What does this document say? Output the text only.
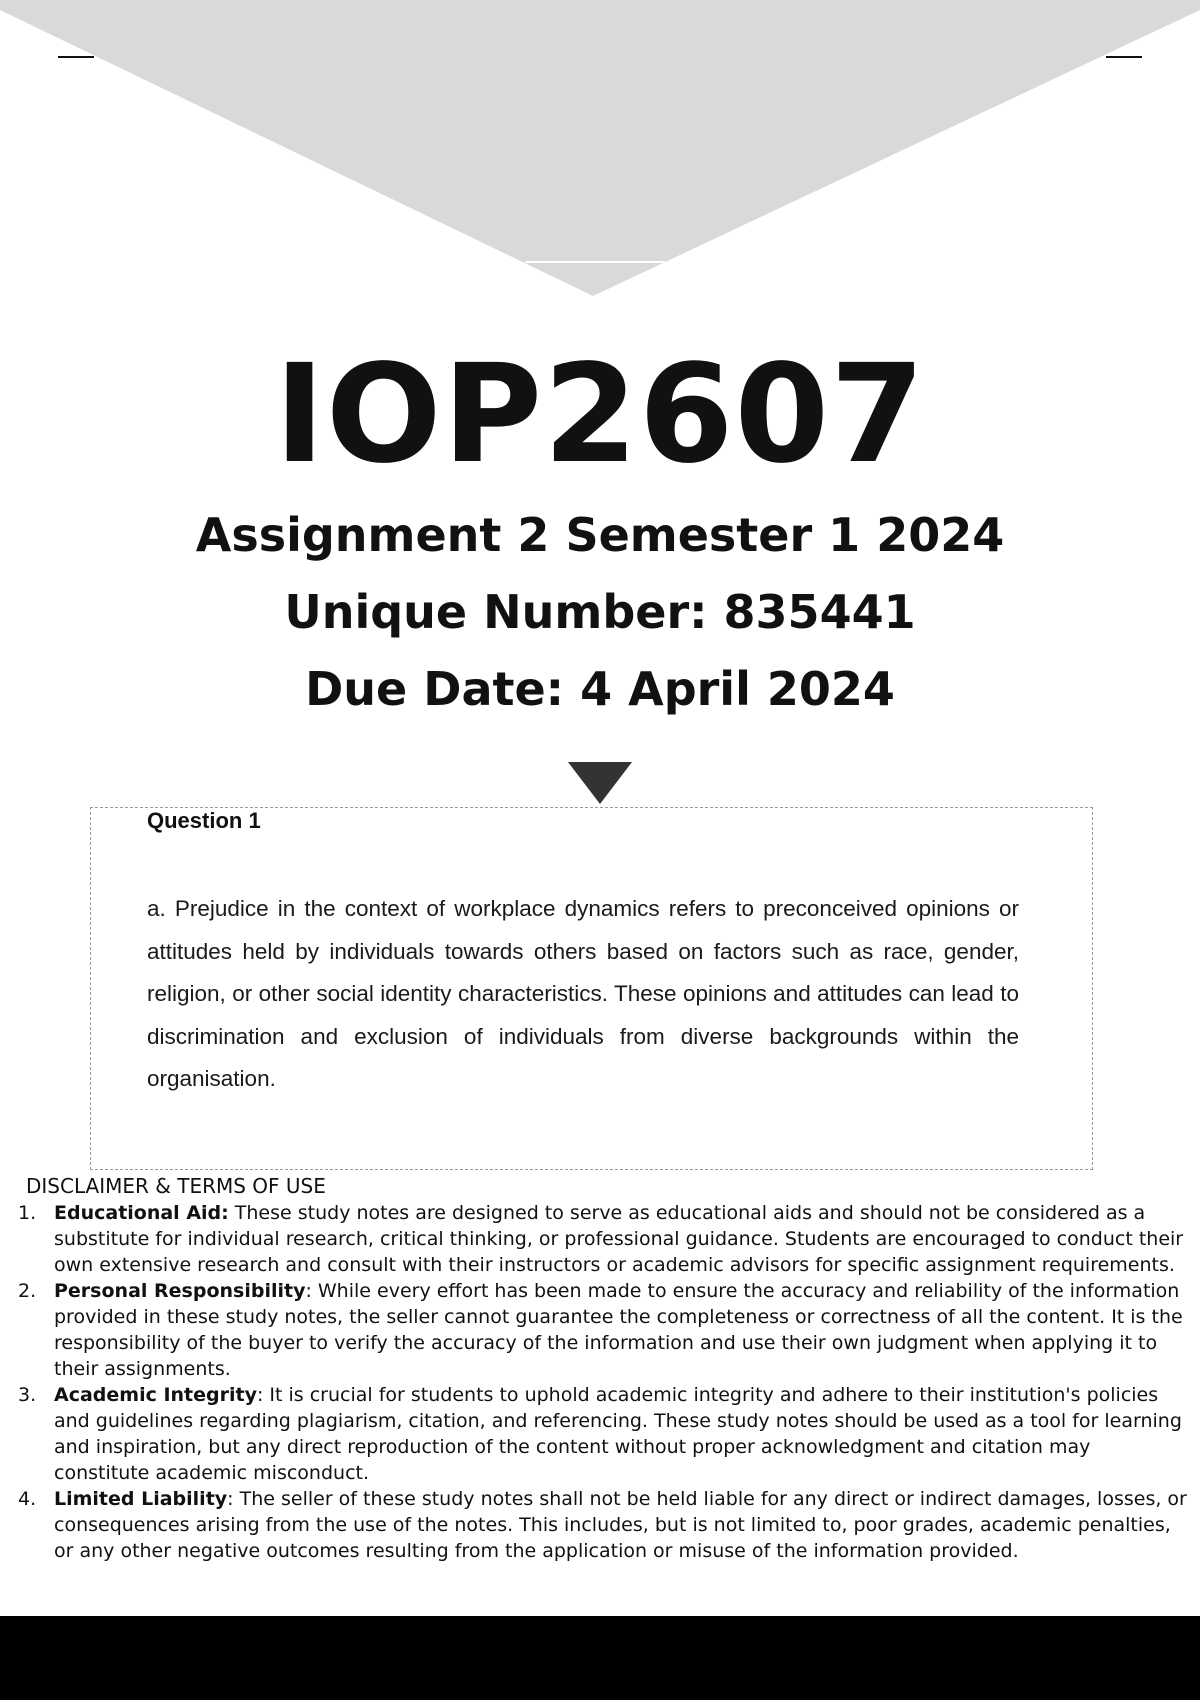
IOP2607
Assignment 2 Semester 1 2024
Unique Number: 835441
Due Date: 4 April 2024
Question 1
a. Prejudice in the context of workplace dynamics refers to preconceived opinions or attitudes held by individuals towards others based on factors such as race, gender, religion, or other social identity characteristics. These opinions and attitudes can lead to discrimination and exclusion of individuals from diverse backgrounds within the organisation.
DISCLAIMER & TERMS OF USE
1. Educational Aid: These study notes are designed to serve as educational aids and should not be considered as a substitute for individual research, critical thinking, or professional guidance. Students are encouraged to conduct their own extensive research and consult with their instructors or academic advisors for specific assignment requirements.
2. Personal Responsibility: While every effort has been made to ensure the accuracy and reliability of the information provided in these study notes, the seller cannot guarantee the completeness or correctness of all the content. It is the responsibility of the buyer to verify the accuracy of the information and use their own judgment when applying it to their assignments.
3. Academic Integrity: It is crucial for students to uphold academic integrity and adhere to their institution's policies and guidelines regarding plagiarism, citation, and referencing. These study notes should be used as a tool for learning and inspiration, but any direct reproduction of the content without proper acknowledgment and citation may constitute academic misconduct.
4. Limited Liability: The seller of these study notes shall not be held liable for any direct or indirect damages, losses, or consequences arising from the use of the notes. This includes, but is not limited to, poor grades, academic penalties, or any other negative outcomes resulting from the application or misuse of the information provided.
